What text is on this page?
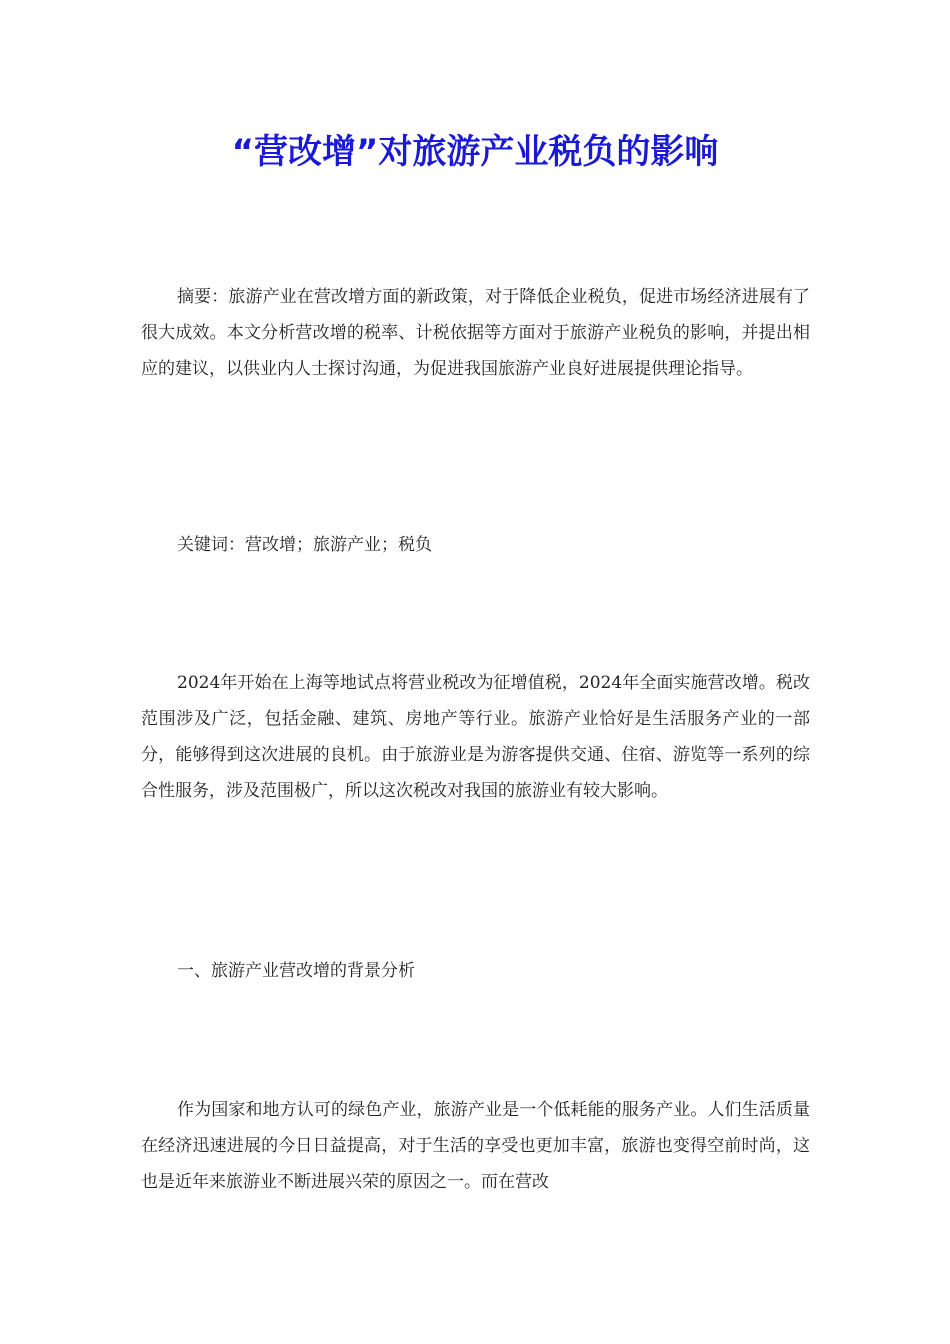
“营改增”对旅游产业税负的影响

摘要：旅游产业在营改增方面的新政策，对于降低企业税负，促进市场经济进展有了很大成效。本文分析营改增的税率、计税依据等方面对于旅游产业税负的影响，并提出相应的建议，以供业内人士探讨沟通，为促进我国旅游产业良好进展提供理论指导。

关键词：营改增；旅游产业；税负

2024年开始在上海等地试点将营业税改为征增值税，2024年全面实施营改增。税改范围涉及广泛，包括金融、建筑、房地产等行业。旅游产业恰好是生活服务产业的一部分，能够得到这次进展的良机。由于旅游业是为游客提供交通、住宿、游览等一系列的综合性服务，涉及范围极广，所以这次税改对我国的旅游业有较大影响。

一、旅游产业营改增的背景分析

作为国家和地方认可的绿色产业，旅游产业是一个低耗能的服务产业。人们生活质量在经济迅速进展的今日日益提高，对于生活的享受也更加丰富，旅游也变得空前时尚，这也是近年来旅游业不断进展兴荣的原因之一。而在营改
